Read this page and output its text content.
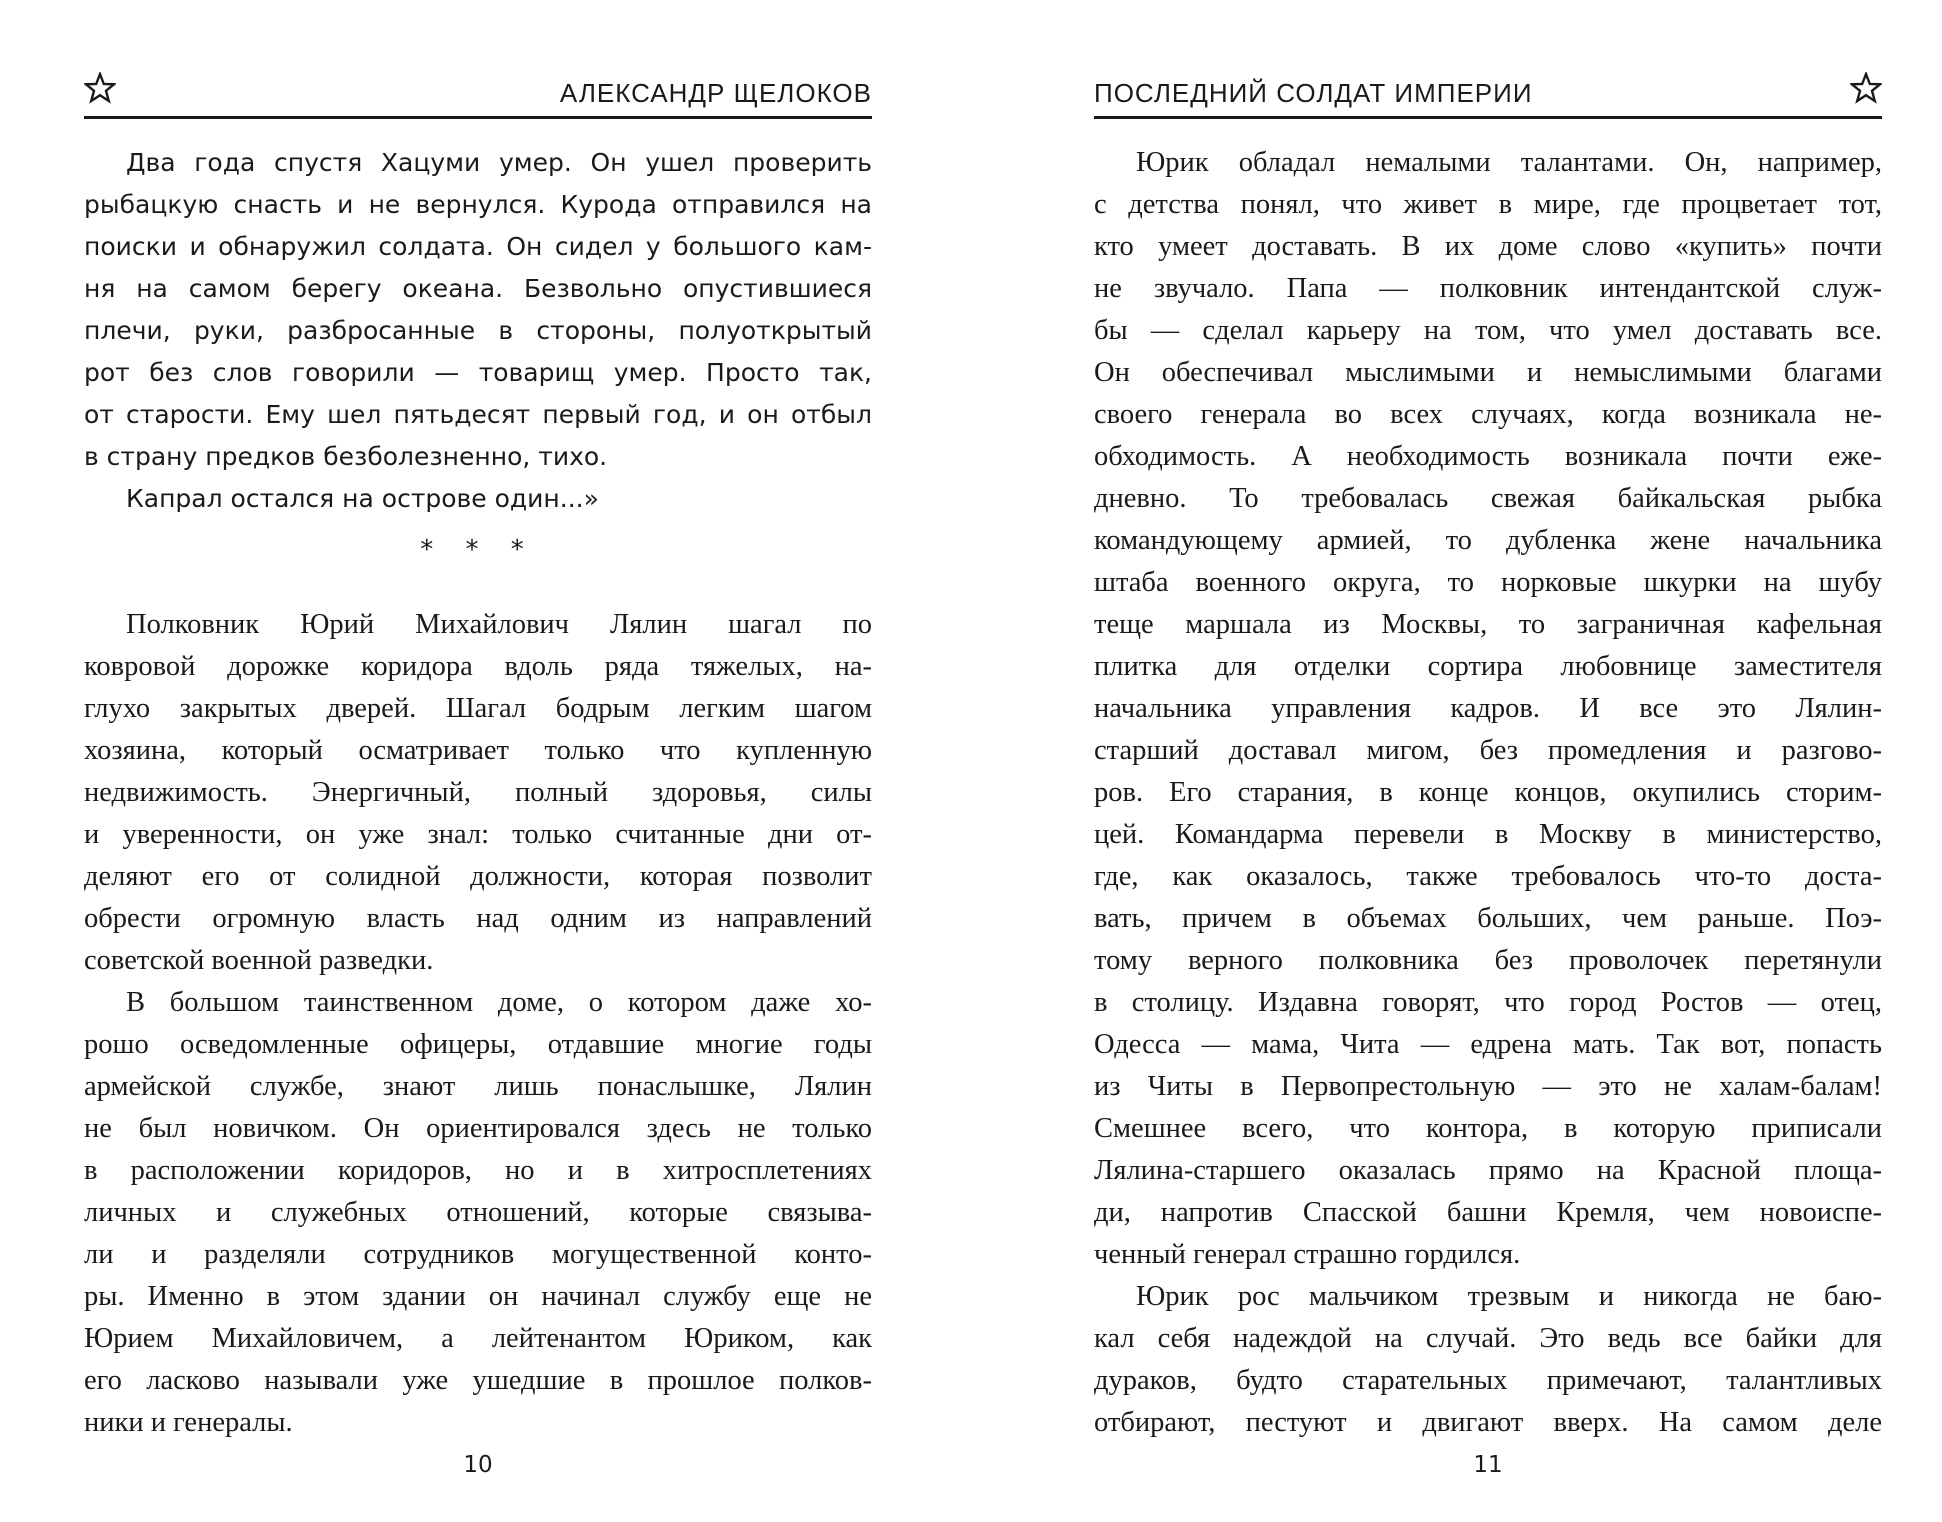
АЛЕКСАНДР ЩЕЛОКОВ
Два года спустя Хацуми умер. Он ушел проверить
рыбацкую снасть и не вернулся. Курода отправился на
поиски и обнаружил солдата. Он сидел у большого кам-
ня на самом берегу океана. Безвольно опустившиеся
плечи, руки, разбросанные в стороны, полуоткрытый
рот без слов говорили — товарищ умер. Просто так,
от старости. Ему шел пятьдесят первый год, и он отбыл
в страну предков безболезненно, тихо.
Капрал остался на острове один...»
* * *
Полковник Юрий Михайлович Лялин шагал по
ковровой дорожке коридора вдоль ряда тяжелых, на-
глухо закрытых дверей. Шагал бодрым легким шагом
хозяина, который осматривает только что купленную
недвижимость. Энергичный, полный здоровья, силы
и уверенности, он уже знал: только считанные дни от-
деляют его от солидной должности, которая позволит
обрести огромную власть над одним из направлений
советской военной разведки.
В большом таинственном доме, о котором даже хо-
рошо осведомленные офицеры, отдавшие многие годы
армейской службе, знают лишь понаслышке, Лялин
не был новичком. Он ориентировался здесь не только
в расположении коридоров, но и в хитросплетениях
личных и служебных отношений, которые связыва-
ли и разделяли сотрудников могущественной конто-
ры. Именно в этом здании он начинал службу еще не
Юрием Михайловичем, а лейтенантом Юриком, как
его ласково называли уже ушедшие в прошлое полков-
ники и генералы.
10
ПОСЛЕДНИЙ СОЛДАТ ИМПЕРИИ
Юрик обладал немалыми талантами. Он, например,
с детства понял, что живет в мире, где процветает тот,
кто умеет доставать. В их доме слово «купить» почти
не звучало. Папа — полковник интендантской служ-
бы — сделал карьеру на том, что умел доставать все.
Он обеспечивал мыслимыми и немыслимыми благами
своего генерала во всех случаях, когда возникала не-
обходимость. А необходимость возникала почти еже-
дневно. То требовалась свежая байкальская рыбка
командующему армией, то дубленка жене начальника
штаба военного округа, то норковые шкурки на шубу
теще маршала из Москвы, то заграничная кафельная
плитка для отделки сортира любовнице заместителя
начальника управления кадров. И все это Лялин-
старший доставал мигом, без промедления и разгово-
ров. Его старания, в конце концов, окупились сторим-
цей. Командарма перевели в Москву в министерство,
где, как оказалось, также требовалось что-то доста-
вать, причем в объемах больших, чем раньше. Поэ-
тому верного полковника без проволочек перетянули
в столицу. Издавна говорят, что город Ростов — отец,
Одесса — мама, Чита — едрена мать. Так вот, попасть
из Читы в Первопрестольную — это не халам-балам!
Смешнее всего, что контора, в которую приписали
Лялина-старшего оказалась прямо на Красной площа-
ди, напротив Спасской башни Кремля, чем новоиспе-
ченный генерал страшно гордился.
Юрик рос мальчиком трезвым и никогда не баю-
кал себя надеждой на случай. Это ведь все байки для
дураков, будто старательных примечают, талантливых
отбирают, пестуют и двигают вверх. На самом деле
11
